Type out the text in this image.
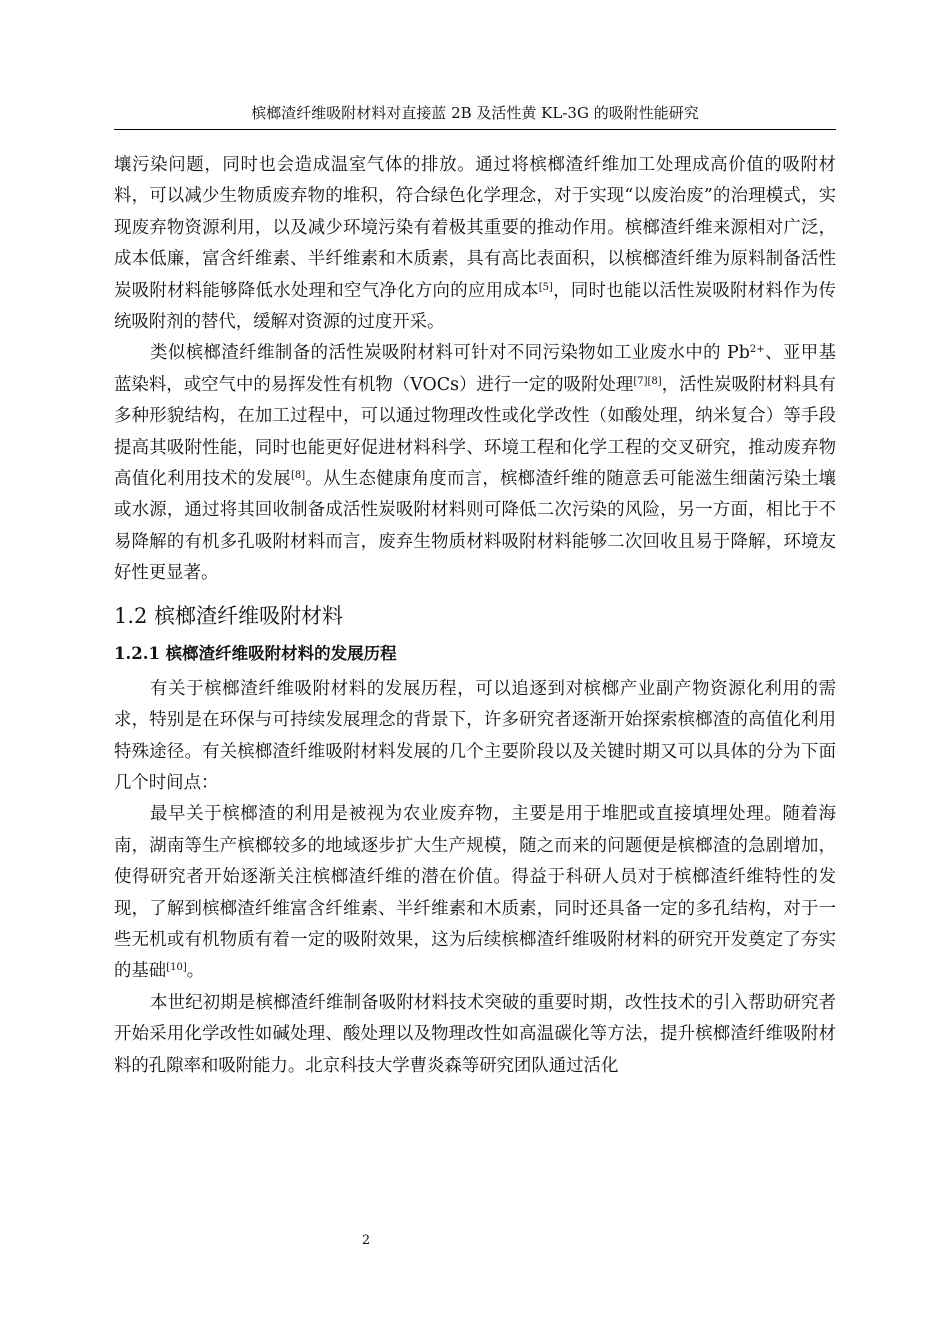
槟榔渣纤维吸附材料对直接蓝 2B 及活性黄 KL-3G 的吸附性能研究

壤污染问题，同时也会造成温室气体的排放。通过将槟榔渣纤维加工处理成高价值的吸附材料，可以减少生物质废弃物的堆积，符合绿色化学理念，对于实现“以废治废”的治理模式，实现废弃物资源利用，以及减少环境污染有着极其重要的推动作用。槟榔渣纤维来源相对广泛，成本低廉，富含纤维素、半纤维素和木质素，具有高比表面积，以槟榔渣纤维为原料制备活性炭吸附材料能够降低水处理和空气净化方向的应用成本[5]，同时也能以活性炭吸附材料作为传统吸附剂的替代，缓解对资源的过度开采。

类似槟榔渣纤维制备的活性炭吸附材料可针对不同污染物如工业废水中的 $Pb^{2+}$、亚甲基蓝染料，或空气中的易挥发性有机物（VOCs）进行一定的吸附处理[7][8]，活性炭吸附材料具有多种形貌结构，在加工过程中，可以通过物理改性或化学改性（如酸处理，纳米复合）等手段提高其吸附性能，同时也能更好促进材料科学、环境工程和化学工程的交叉研究，推动废弃物高值化利用技术的发展[8]。从生态健康角度而言，槟榔渣纤维的随意丢可能滋生细菌污染土壤或水源，通过将其回收制备成活性炭吸附材料则可降低二次污染的风险，另一方面，相比于不易降解的有机多孔吸附材料而言，废弃生物质材料吸附材料能够二次回收且易于降解，环境友好性更显著。

1.2 槟榔渣纤维吸附材料
1.2.1 槟榔渣纤维吸附材料的发展历程

有关于槟榔渣纤维吸附材料的发展历程，可以追逐到对槟榔产业副产物资源化利用的需求，特别是在环保与可持续发展理念的背景下，许多研究者逐渐开始探索槟榔渣的高值化利用特殊途径。有关槟榔渣纤维吸附材料发展的几个主要阶段以及关键时期又可以具体的分为下面几个时间点：

最早关于槟榔渣的利用是被视为农业废弃物，主要是用于堆肥或直接填埋处理。随着海南，湖南等生产槟榔较多的地域逐步扩大生产规模，随之而来的问题便是槟榔渣的急剧增加，使得研究者开始逐渐关注槟榔渣纤维的潜在价值。得益于科研人员对于槟榔渣纤维特性的发现，了解到槟榔渣纤维富含纤维素、半纤维素和木质素，同时还具备一定的多孔结构，对于一些无机或有机物质有着一定的吸附效果，这为后续槟榔渣纤维吸附材料的研究开发奠定了夯实的基础[10]。

本世纪初期是槟榔渣纤维制备吸附材料技术突破的重要时期，改性技术的引入帮助研究者开始采用化学改性如碱处理、酸处理以及物理改性如高温碳化等方法，提升槟榔渣纤维吸附材料的孔隙率和吸附能力。北京科技大学曹炎森等研究团队通过活化

2
